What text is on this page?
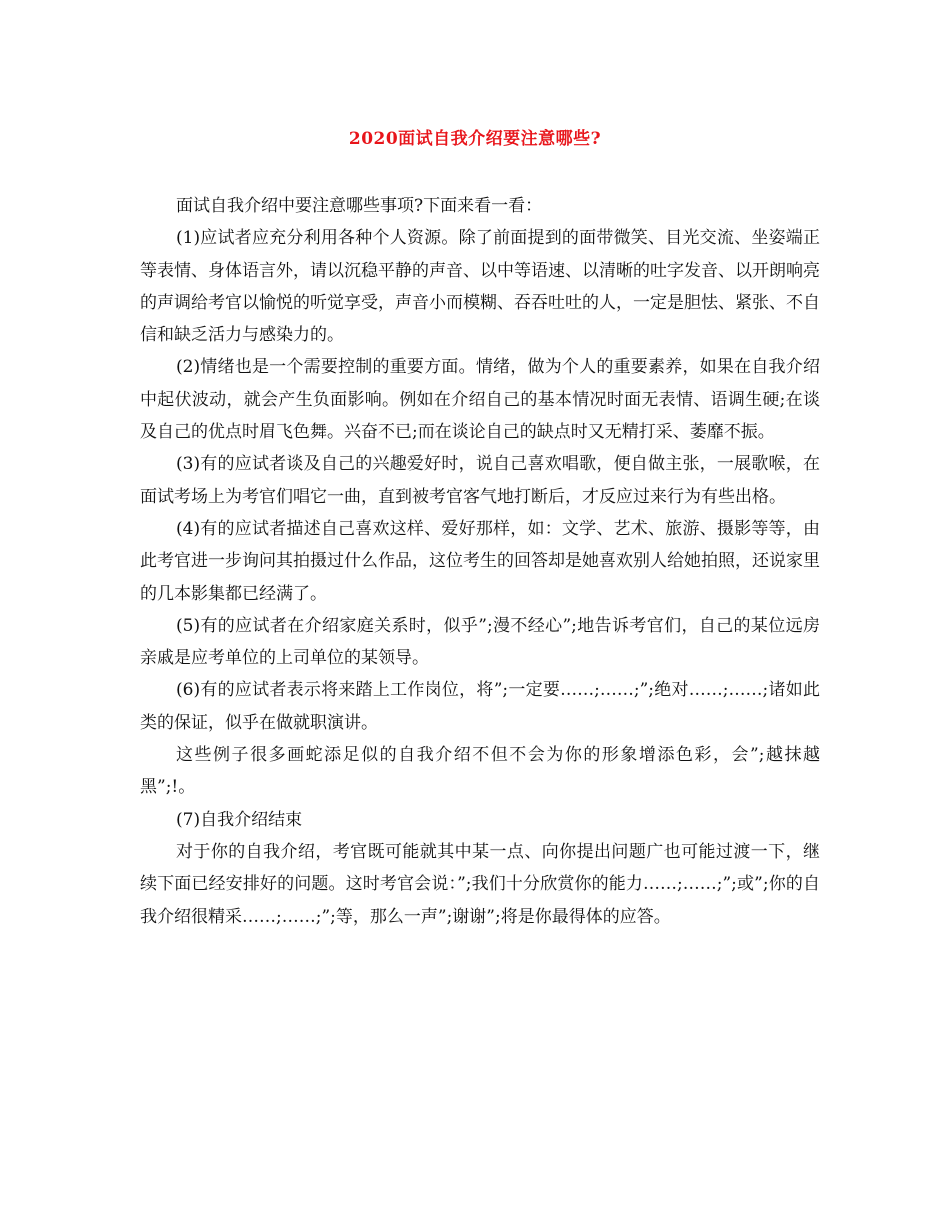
2020面试自我介绍要注意哪些?

面试自我介绍中要注意哪些事项?下面来看一看：

(1)应试者应充分利用各种个人资源。除了前面提到的面带微笑、目光交流、坐姿端正等表情、身体语言外，请以沉稳平静的声音、以中等语速、以清晰的吐字发音、以开朗响亮的声调给考官以愉悦的听觉享受，声音小而模糊、吞吞吐吐的人，一定是胆怯、紧张、不自信和缺乏活力与感染力的。

(2)情绪也是一个需要控制的重要方面。情绪，做为个人的重要素养，如果在自我介绍中起伏波动，就会产生负面影响。例如在介绍自己的基本情况时面无表情、语调生硬;在谈及自己的优点时眉飞色舞。兴奋不已;而在谈论自己的缺点时又无精打采、萎靡不振。

(3)有的应试者谈及自己的兴趣爱好时，说自己喜欢唱歌，便自做主张，一展歌喉，在面试考场上为考官们唱它一曲，直到被考官客气地打断后，才反应过来行为有些出格。

(4)有的应试者描述自己喜欢这样、爱好那样，如：文学、艺术、旅游、摄影等等，由此考官进一步询问其拍摄过什么作品，这位考生的回答却是她喜欢别人给她拍照，还说家里的几本影集都已经满了。

(5)有的应试者在介绍家庭关系时，似乎”;漫不经心”;地告诉考官们，自己的某位远房亲戚是应考单位的上司单位的某领导。

(6)有的应试者表示将来踏上工作岗位，将”;一定要……;……;”;绝对……;……;诸如此类的保证，似乎在做就职演讲。

这些例子很多画蛇添足似的自我介绍不但不会为你的形象增添色彩，会”;越抹越黑”;!。

(7)自我介绍结束

对于你的自我介绍，考官既可能就其中某一点、向你提出问题广也可能过渡一下，继续下面已经安排好的问题。这时考官会说：”;我们十分欣赏你的能力……;……;”;或”;你的自我介绍很精采……;……;”;等，那么一声”;谢谢”;将是你最得体的应答。
